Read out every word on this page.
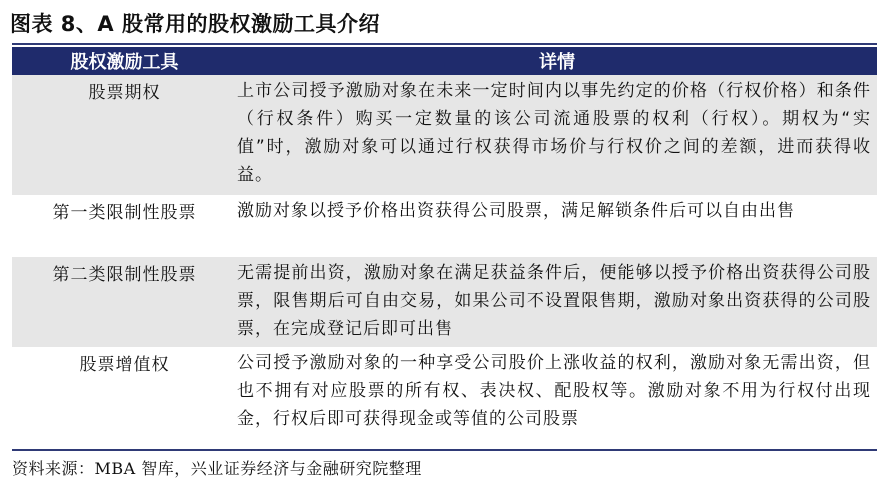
图表 8、A 股常用的股权激励工具介绍
股权激励工具	详情
股票期权	上市公司授予激励对象在未来一定时间内以事先约定的价格（行权价格）和条件（行权条件）购买一定数量的该公司流通股票的权利（行权）。期权为“实值”时，激励对象可以通过行权获得市场价与行权价之间的差额，进而获得收益。
第一类限制性股票	激励对象以授予价格出资获得公司股票，满足解锁条件后可以自由出售
第二类限制性股票	无需提前出资，激励对象在满足获益条件后，便能够以授予价格出资获得公司股票，限售期后可自由交易，如果公司不设置限售期，激励对象出资获得的公司股票，在完成登记后即可出售
股票增值权	公司授予激励对象的一种享受公司股价上涨收益的权利，激励对象无需出资，但也不拥有对应股票的所有权、表决权、配股权等。激励对象不用为行权付出现金，行权后即可获得现金或等值的公司股票
资料来源：MBA 智库，兴业证券经济与金融研究院整理
